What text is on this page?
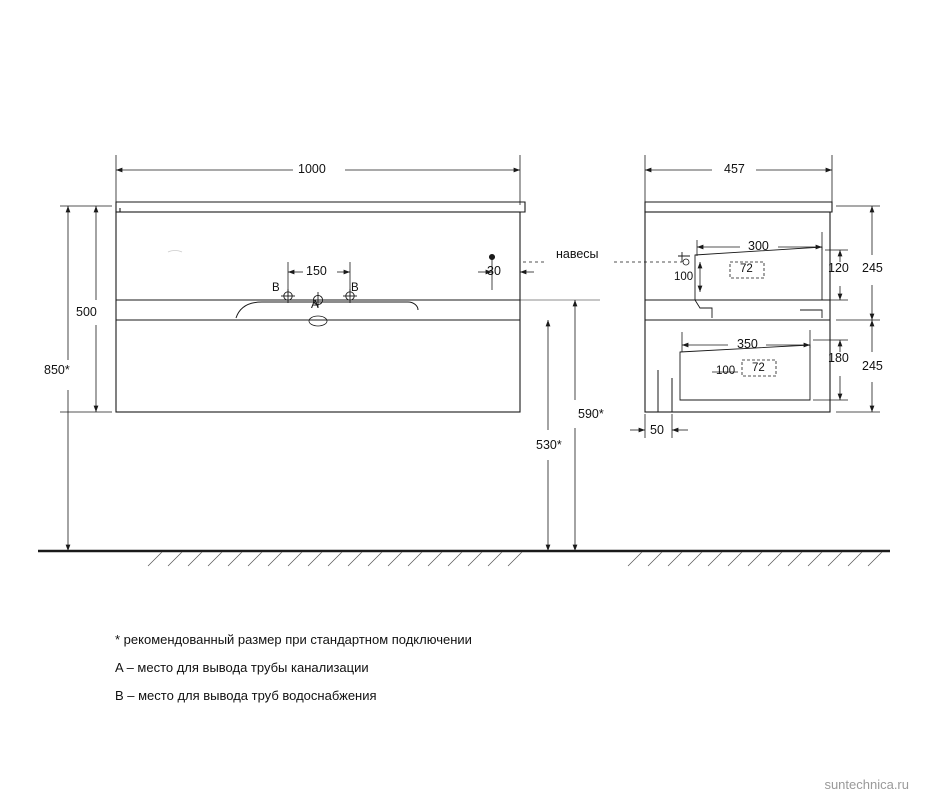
1000
500
850*
150	30
530*
590*
A
B	B
навесы
457
300
72
100
120 245
350
72
100
180
245
50
* рекомендованный размер при стандартном подключении
A – место для вывода трубы канализации
B – место для вывода труб водоснабжения
suntechnica.ru
